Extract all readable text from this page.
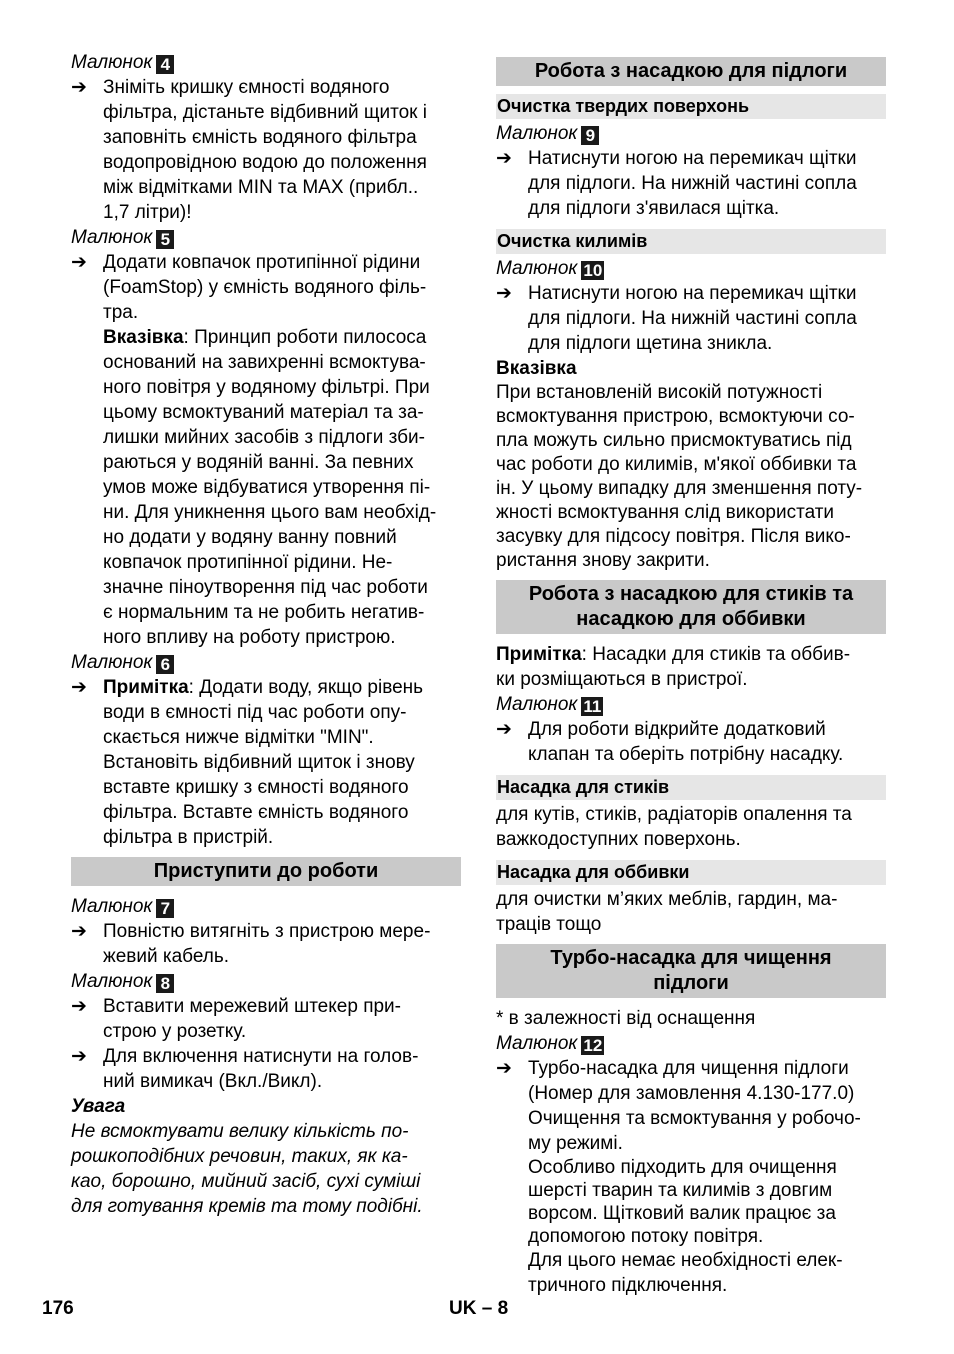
Малюнок 4
➔ Зніміть кришку ємності водяного
фільтра, дістаньте відбивний щиток і
заповніть ємність водяного фільтра
водопровідною водою до положення
між відмітками MIN та MAX (прибл..
1,7 літри)!
Малюнок 5
➔ Додати ковпачок протипінної рідини
(FoamStop) у ємність водяного філь-
тра.
Вказівка: Принцип роботи пилососа
оснований на завихренні всмоктува-
ного повітря у водяному фільтрі. При
цьому всмоктуваний матеріал та за-
лишки мийних засобів з підлоги зби-
раються у водяній ванні. За певних
умов може відбуватися утворення пі-
ни. Для уникнення цього вам необхід-
но додати у водяну ванну повний
ковпачок протипінної рідини. Не-
значне піноутворення під час роботи
є нормальним та не робить негатив-
ного впливу на роботу пристрою.
Малюнок 6
➔ Примітка: Додати воду, якщо рівень
води в ємності під час роботи опу-
скається нижче відмітки "MIN".
Встановіть відбивний щиток і знову
вставте кришку з ємності водяного
фільтра. Вставте ємність водяного
фільтра в пристрій.
Приступити до роботи
Малюнок 7
➔ Повністю витягніть з пристрою мере-
жевий кабель.
Малюнок 8
➔ Вставити мережевий штекер при-
строю у розетку.
➔ Для включення натиснути на голов-
ний вимикач (Вкл./Викл).
Увага
Не всмоктувати велику кількість по-
рошкоподібних речовин, таких, як ка-
као, борошно, мийний засіб, сухі суміші
для готування кремів та тому подібні.
Робота з насадкою для підлоги
Очистка твердих поверхонь
Малюнок 9
➔ Натиснути ногою на перемикач щітки
для підлоги. На нижній частині сопла
для підлоги з'явилася щітка.
Очистка килимів
Малюнок 10
➔ Натиснути ногою на перемикач щітки
для підлоги. На нижній частині сопла
для підлоги щетина зникла.
Вказівка
При встановленій високій потужності
всмоктування пристрою, всмоктуючи со-
пла можуть сильно присмоктуватись під
час роботи до килимів, м'якої оббивки та
ін. У цьому випадку для зменшення поту-
жності всмоктування слід використати
засувку для підсосу повітря. Після вико-
ристання знову закрити.
Робота з насадкою для стиків та
насадкою для оббивки
Примітка: Насадки для стиків та оббив-
ки розміщаються в пристрої.
Малюнок 11
➔ Для роботи відкрийте додатковий
клапан та оберіть потрібну насадку.
Насадка для стиків
для кутів, стиків, радіаторів опалення та
важкодоступних поверхонь.
Насадка для оббивки
для очистки м’яких меблів, гардин, ма-
траців тощо
Турбо-насадка для чищення
підлоги
* в залежності від оснащення
Малюнок 12
➔ Турбо-насадка для чищення підлоги
(Номер для замовлення 4.130-177.0)
Очищення та всмоктування у робочо-
му режимі.
Особливо підходить для очищення
шерсті тварин та килимів з довгим
ворсом. Щітковий валик працює за
допомогою потоку повітря.
Для цього немає необхідності елек-
тричного підключення.
176	UK – 8
